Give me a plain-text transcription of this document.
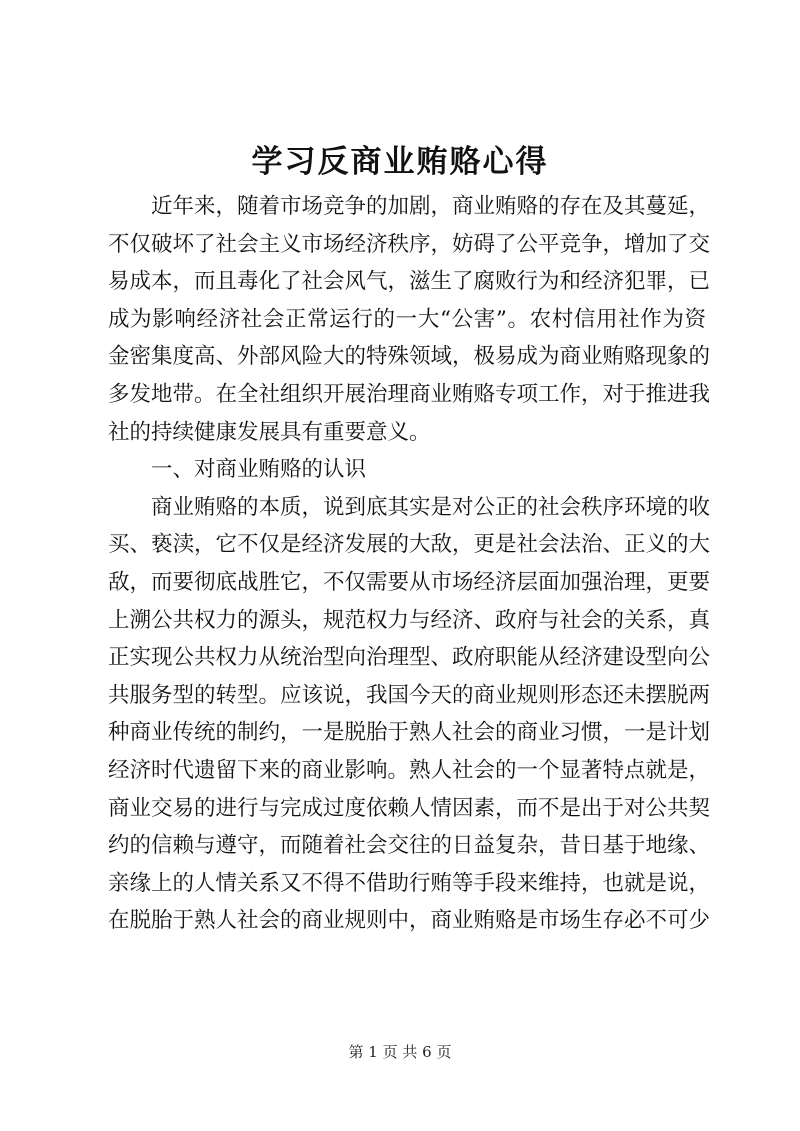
学习反商业贿赂心得
近年来，随着市场竞争的加剧，商业贿赂的存在及其蔓延，
不仅破坏了社会主义市场经济秩序，妨碍了公平竞争，增加了交
易成本，而且毒化了社会风气，滋生了腐败行为和经济犯罪，已
成为影响经济社会正常运行的一大“公害”。农村信用社作为资
金密集度高、外部风险大的特殊领域，极易成为商业贿赂现象的
多发地带。在全社组织开展治理商业贿赂专项工作，对于推进我
社的持续健康发展具有重要意义。
一、对商业贿赂的认识
商业贿赂的本质，说到底其实是对公正的社会秩序环境的收
买、亵渎，它不仅是经济发展的大敌，更是社会法治、正义的大
敌，而要彻底战胜它，不仅需要从市场经济层面加强治理，更要
上溯公共权力的源头，规范权力与经济、政府与社会的关系，真
正实现公共权力从统治型向治理型、政府职能从经济建设型向公
共服务型的转型。应该说，我国今天的商业规则形态还未摆脱两
种商业传统的制约，一是脱胎于熟人社会的商业习惯，一是计划
经济时代遗留下来的商业影响。熟人社会的一个显著特点就是，
商业交易的进行与完成过度依赖人情因素，而不是出于对公共契
约的信赖与遵守，而随着社会交往的日益复杂，昔日基于地缘、
亲缘上的人情关系又不得不借助行贿等手段来维持，也就是说，
在脱胎于熟人社会的商业规则中，商业贿赂是市场生存必不可少
第 1 页 共 6 页
